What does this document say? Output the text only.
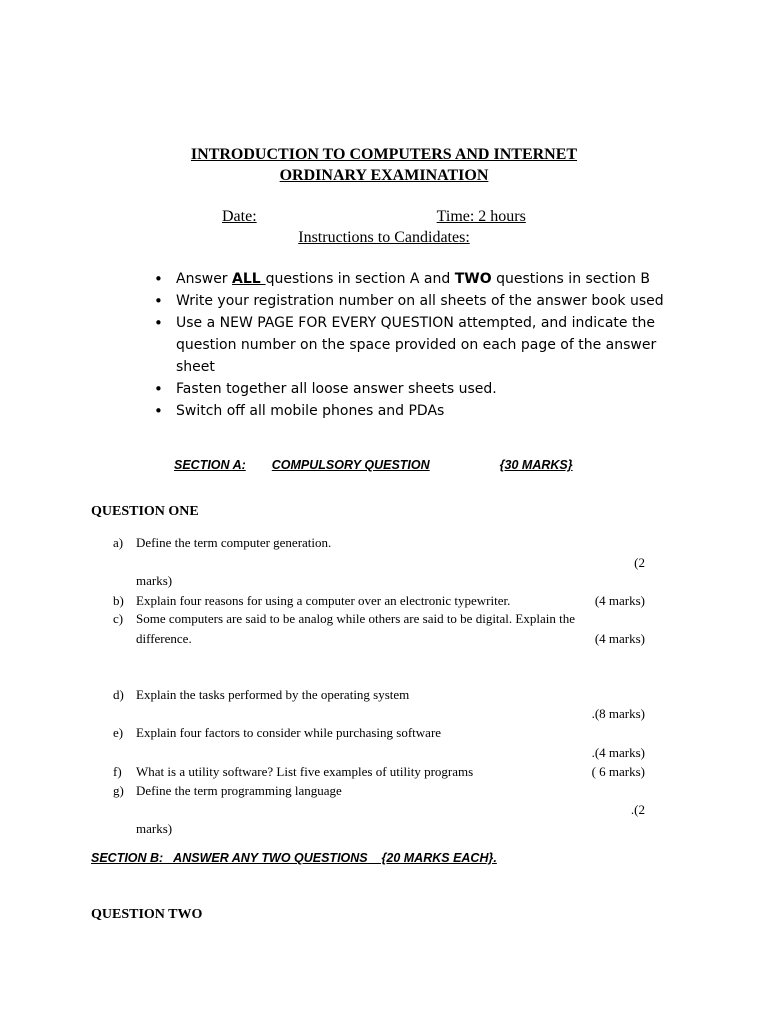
INTRODUCTION TO COMPUTERS AND INTERNET
ORDINARY EXAMINATION
Date:	Time: 2 hours
Instructions to Candidates:
• Answer ALL questions in section A and TWO questions in section B
• Write your registration number on all sheets of the answer book used
• Use a NEW PAGE FOR EVERY QUESTION attempted, and indicate the question number on the space provided on each page of the answer sheet
• Fasten together all loose answer sheets used.
• Switch off all mobile phones and PDAs
SECTION A: COMPULSORY QUESTION	{30 MARKS}
QUESTION ONE
a) Define the term computer generation.
(2
marks)
b) Explain four reasons for using a computer over an electronic typewriter.	(4 marks)
c) Some computers are said to be analog while others are said to be digital. Explain the
difference.	(4 marks)
d) Explain the tasks performed by the operating system
.(8 marks)
e) Explain four factors to consider while purchasing software
.(4 marks)
f) What is a utility software? List five examples of utility programs	( 6 marks)
g) Define the term programming language
.(2
marks)
SECTION B:   ANSWER ANY TWO QUESTIONS    {20 MARKS EACH}.
QUESTION TWO
